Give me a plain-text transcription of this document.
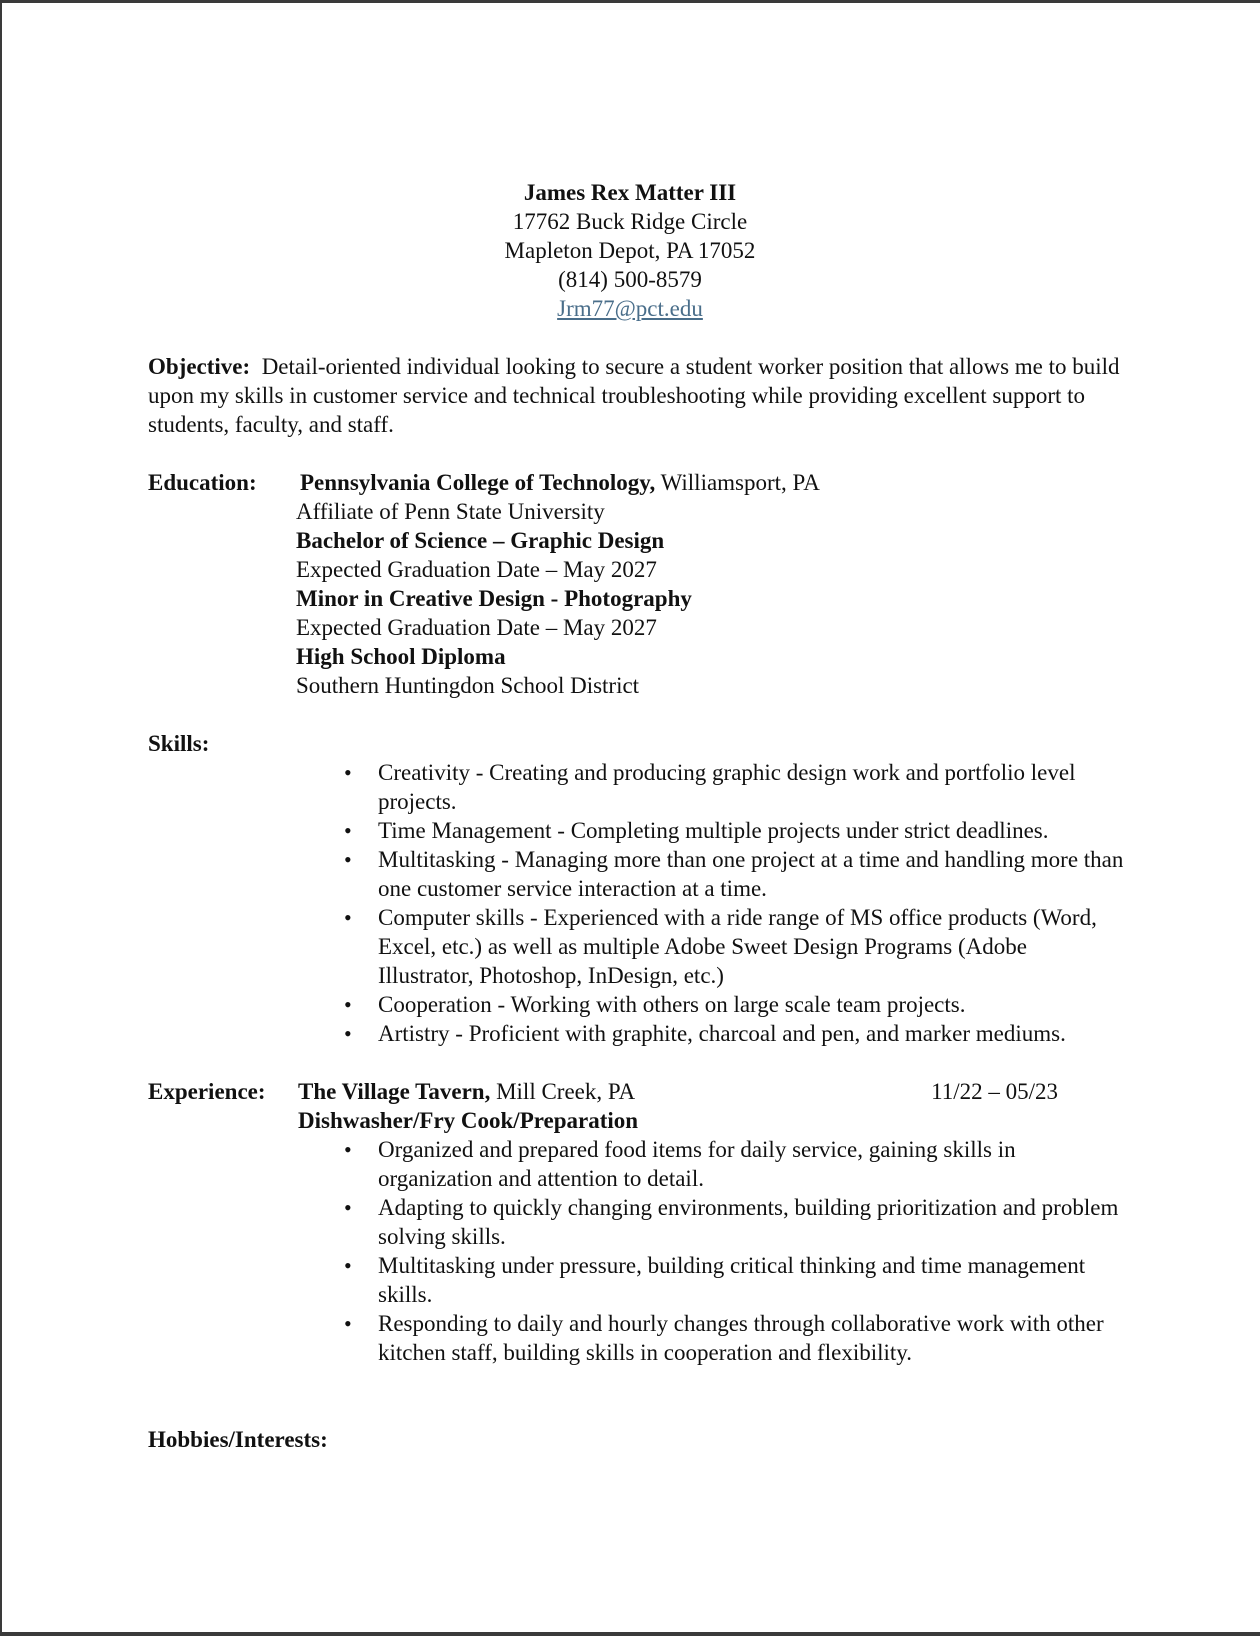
James Rex Matter III
17762 Buck Ridge Circle
Mapleton Depot, PA 17052
(814) 500-8579
Jrm77@pct.edu
Objective: Detail-oriented individual looking to secure a student worker position that allows me to build upon my skills in customer service and technical troubleshooting while providing excellent support to students, faculty, and staff.
Education:	Pennsylvania College of Technology, Williamsport, PA
Affiliate of Penn State University
Bachelor of Science – Graphic Design
Expected Graduation Date – May 2027
Minor in Creative Design - Photography
Expected Graduation Date – May 2027
High School Diploma
Southern Huntingdon School District
Skills:
• Creativity - Creating and producing graphic design work and portfolio level projects.
• Time Management - Completing multiple projects under strict deadlines.
• Multitasking - Managing more than one project at a time and handling more than one customer service interaction at a time.
• Computer skills - Experienced with a ride range of MS office products (Word, Excel, etc.) as well as multiple Adobe Sweet Design Programs (Adobe Illustrator, Photoshop, InDesign, etc.)
• Cooperation - Working with others on large scale team projects.
• Artistry - Proficient with graphite, charcoal and pen, and marker mediums.
Experience:	The Village Tavern, Mill Creek, PA	11/22 – 05/23
Dishwasher/Fry Cook/Preparation
• Organized and prepared food items for daily service, gaining skills in organization and attention to detail.
• Adapting to quickly changing environments, building prioritization and problem solving skills.
• Multitasking under pressure, building critical thinking and time management skills.
• Responding to daily and hourly changes through collaborative work with other kitchen staff, building skills in cooperation and flexibility.
Hobbies/Interests:
